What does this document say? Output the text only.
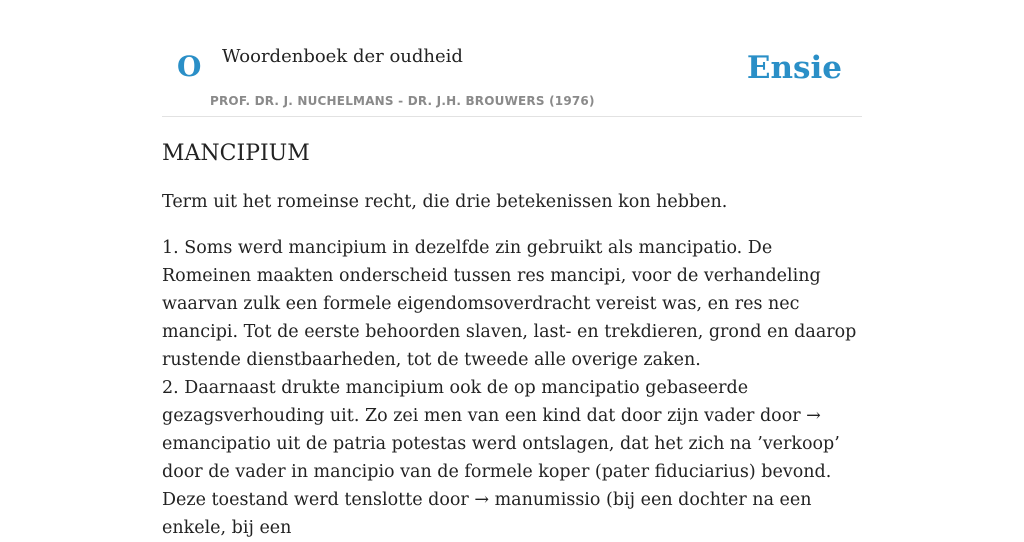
O Woordenboek der oudheid
PROF. DR. J. NUCHELMANS - DR. J.H. BROUWERS (1976)
Ensie
MANCIPIUM

Term uit het romeinse recht, die drie betekenissen kon hebben.

1. Soms werd mancipium in dezelfde zin gebruikt als mancipatio. De Romeinen maakten onderscheid tussen res mancipi, voor de verhandeling waarvan zulk een formele eigendomsoverdracht vereist was, en res nec mancipi. Tot de eerste behoorden slaven, last- en trekdieren, grond en daarop rustende dienstbaarheden, tot de tweede alle overige zaken.
2. Daarnaast drukte mancipium ook de op mancipatio gebaseerde gezagsverhouding uit. Zo zei men van een kind dat door zijn vader door → emancipatio uit de patria potestas werd ontslagen, dat het zich na ’verkoop’ door de vader in mancipio van de formele koper (pater fiduciarius) bevond. Deze toestand werd tenslotte door → manumissio (bij een dochter na een enkele, bij een
